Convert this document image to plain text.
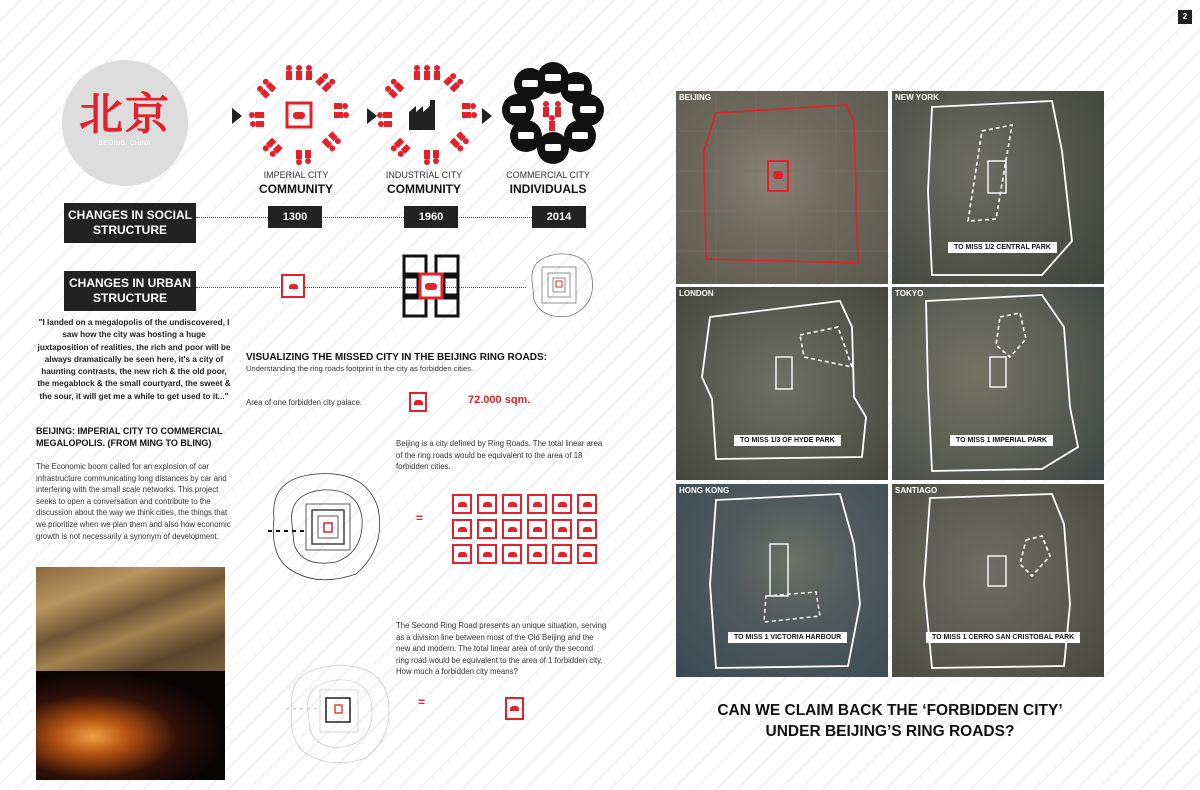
2
北京
BEIJING, CHINA
IMPERIAL CITY
COMMUNITY
INDUSTRIAL CITY
COMMUNITY
COMMERCIAL CITY
INDIVIDUALS
CHANGES IN SOCIAL
STRUCTURE
1300	1960	2014
CHANGES IN URBAN
STRUCTURE
"I landed on a megalopolis of the undiscovered, I saw how the city was hosting a huge juxtaposition of realities, the rich and poor will be always dramatically be seen here, it's a city of haunting contrasts, the new rich & the old poor, the megablock & the small courtyard, the sweet & the sour, it will get me a while to get used to it..."
BEIJING: IMPERIAL CITY TO COMMERCIAL
MEGALOPOLIS. (FROM MING TO BLING)
The Economic boom called for an explosion of car infrastructure communicating long distances by car and interfering with the small scale networks. This project seeks to open a conversation and contribute to the discussion about the way we think cities, the things that we prioritize when we plan them and also how economic growth is not necessarily a synonym of development.
VISUALIZING THE MISSED CITY IN THE BEIJING RING ROADS:
Understanding the ring roads footprint in the city as forbidden cities.
Area of one forbidden city palace.	72.000 sqm.
Beijing is a city defined by Ring Roads. The total linear area of the ring roads would be equivalent to the area of 18 forbidden cities.
=
The Second Ring Road presents an unique situation, serving as a division line between most of the Old Beijing and the new and modern. The total linear area of only the second ring road would be equivalent to the area of 1 forbidden city. How much a forbidden city means?
=
BEIJING	NEW YORK
TO MISS 1/2 CENTRAL PARK
LONDON
TO MISS 1/3 OF HYDE PARK
TOKYO
TO MISS 1 IMPERIAL PARK
HONG KONG
TO MISS 1 VICTORIA HARBOUR
SANTIAGO
TO MISS 1 CERRO SAN CRISTOBAL PARK
CAN WE CLAIM BACK THE ‘FORBIDDEN CITY’
UNDER BEIJING’S RING ROADS?
